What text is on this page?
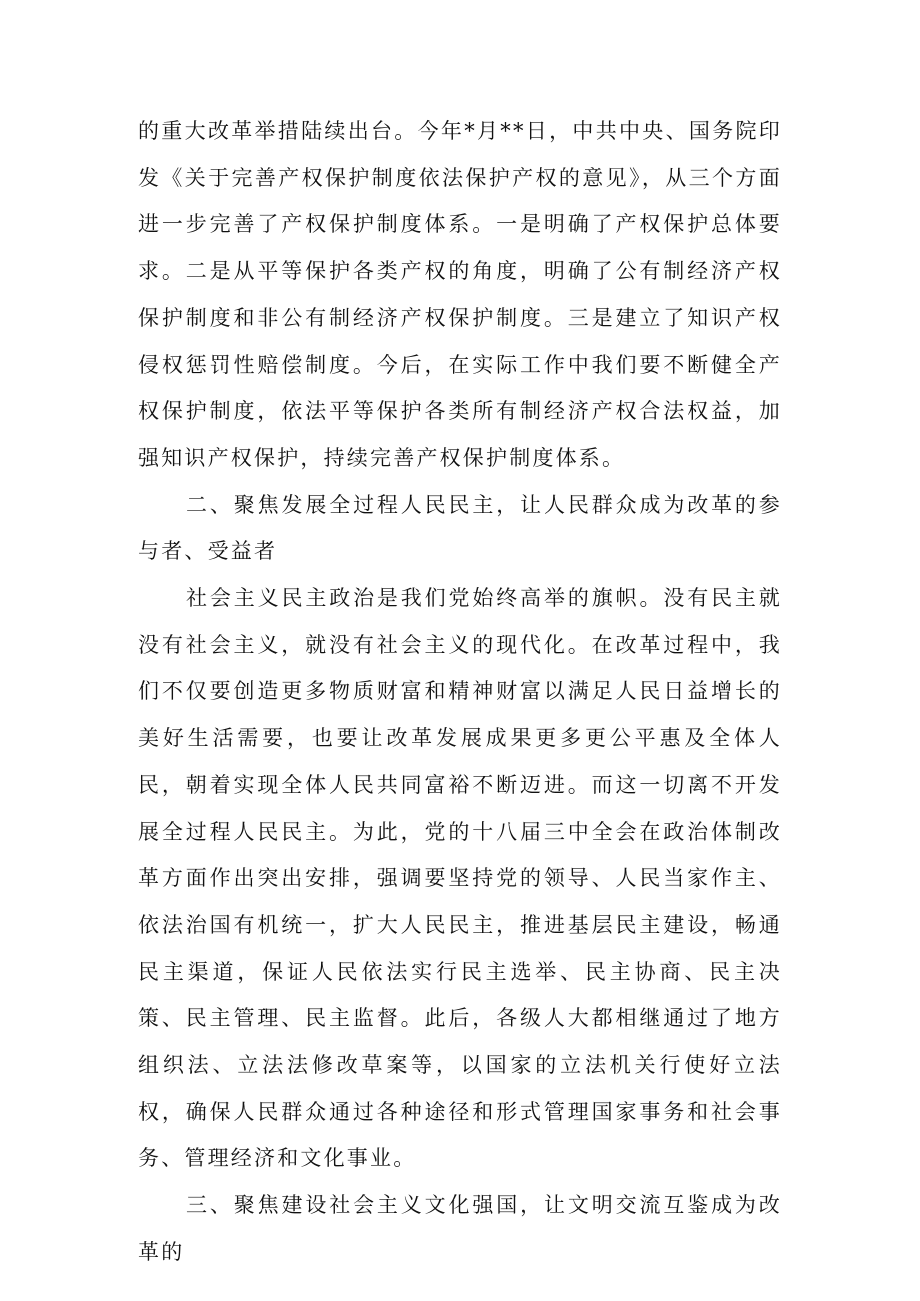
的重大改革举措陆续出台。今年*月**日，中共中央、国务院印发《关于完善产权保护制度依法保护产权的意见》，从三个方面进一步完善了产权保护制度体系。一是明确了产权保护总体要求。二是从平等保护各类产权的角度，明确了公有制经济产权保护制度和非公有制经济产权保护制度。三是建立了知识产权侵权惩罚性赔偿制度。今后，在实际工作中我们要不断健全产权保护制度，依法平等保护各类所有制经济产权合法权益，加强知识产权保护，持续完善产权保护制度体系。

二、聚焦发展全过程人民民主，让人民群众成为改革的参与者、受益者

社会主义民主政治是我们党始终高举的旗帜。没有民主就没有社会主义，就没有社会主义的现代化。在改革过程中，我们不仅要创造更多物质财富和精神财富以满足人民日益增长的美好生活需要，也要让改革发展成果更多更公平惠及全体人民，朝着实现全体人民共同富裕不断迈进。而这一切离不开发展全过程人民民主。为此，党的十八届三中全会在政治体制改革方面作出突出安排，强调要坚持党的领导、人民当家作主、依法治国有机统一，扩大人民民主，推进基层民主建设，畅通民主渠道，保证人民依法实行民主选举、民主协商、民主决策、民主管理、民主监督。此后，各级人大都相继通过了地方组织法、立法法修改草案等，以国家的立法机关行使好立法权，确保人民群众通过各种途径和形式管理国家事务和社会事务、管理经济和文化事业。

三、聚焦建设社会主义文化强国，让文明交流互鉴成为改革的
